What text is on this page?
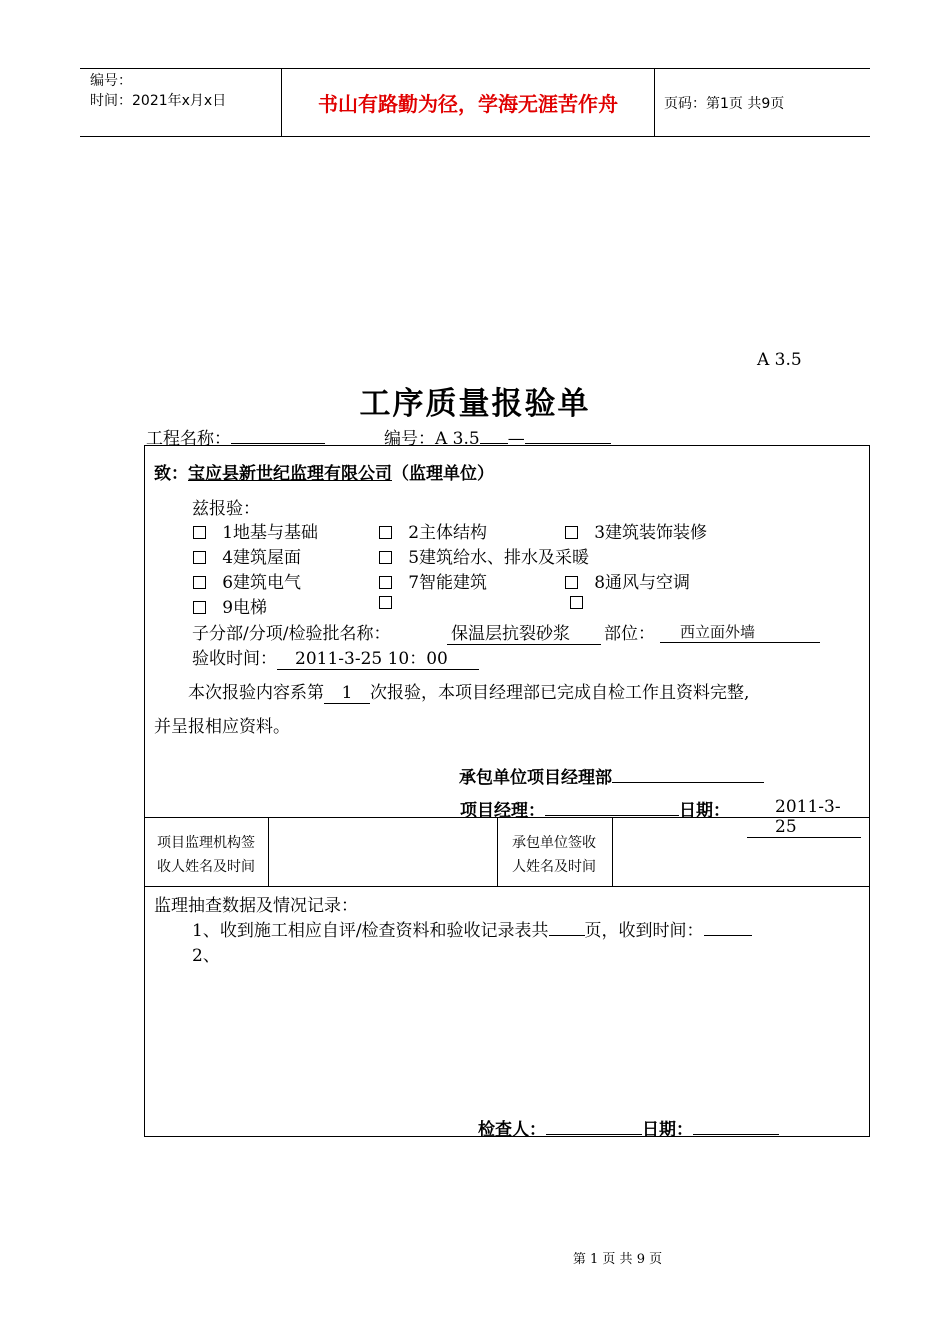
编号：
时间：2021年x月x日	书山有路勤为径，学海无涯苦作舟	页码：第1页 共9页
A 3.5
工序质量报验单
工程名称：	编号：A 3.5 —
致：宝应县新世纪监理有限公司（监理单位）
兹报验：
1地基与基础	2主体结构	3建筑装饰装修
4建筑屋面	5建筑给水、排水及采暖
6建筑电气	7智能建筑	8通风与空调
9电梯
子分部/分项/检验批名称：	保温层抗裂砂浆	部位：	西立面外墙
验收时间： 2011-3-25 10：00
本次报验内容系第 1 次报验，本项目经理部已完成自检工作且资料完整,
并呈报相应资料。
承包单位项目经理部
项目经理：	日期：	2011-3-25
项目监理机构签
收人姓名及时间
承包单位签收
人姓名及时间
监理抽查数据及情况记录：
1、收到施工相应自评/检查资料和验收记录表共 页，收到时间：
2、
检查人：	日期：
第 1 页 共 9 页
